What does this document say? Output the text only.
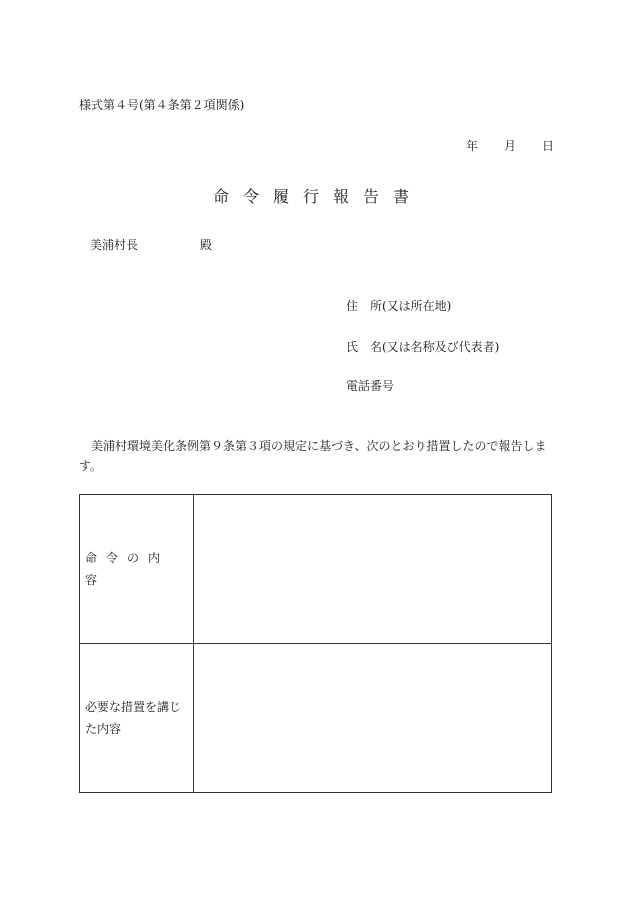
様式第４号(第４条第２項関係)
年 月 日
命令履行報告書
美浦村長	殿
住　所(又は所在地)
氏　名(又は名称及び代表者)
電話番号
美浦村環境美化条例第９条第３項の規定に基づき、次のとおり措置したので報告します。
命令の内容	
必要な措置を講じた内容	
